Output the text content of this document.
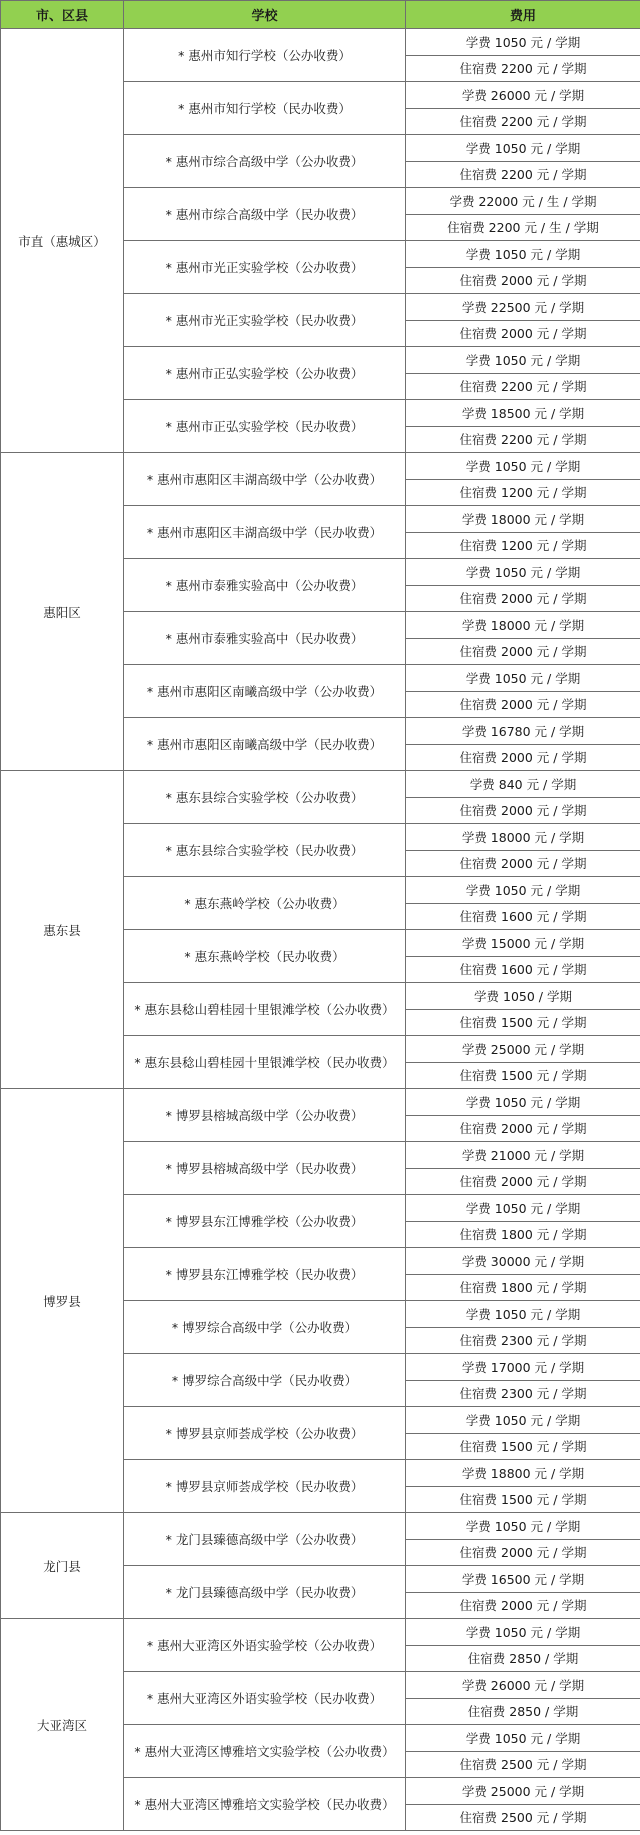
市、区县	学校	费用
市直（惠城区）	* 惠州市知行学校（公办收费）	学费 1050 元 / 学期
		住宿费 2200 元 / 学期
	* 惠州市知行学校（民办收费）	学费 26000 元 / 学期
		住宿费 2200 元 / 学期
	* 惠州市综合高级中学（公办收费）	学费 1050 元 / 学期
		住宿费 2200 元 / 学期
	* 惠州市综合高级中学（民办收费）	学费 22000 元 / 生 / 学期
		住宿费 2200 元 / 生 / 学期
	* 惠州市光正实验学校（公办收费）	学费 1050 元 / 学期
		住宿费 2000 元 / 学期
	* 惠州市光正实验学校（民办收费）	学费 22500 元 / 学期
		住宿费 2000 元 / 学期
	* 惠州市正弘实验学校（公办收费）	学费 1050 元 / 学期
		住宿费 2200 元 / 学期
	* 惠州市正弘实验学校（民办收费）	学费 18500 元 / 学期
		住宿费 2200 元 / 学期
惠阳区	* 惠州市惠阳区丰湖高级中学（公办收费）	学费 1050 元 / 学期
		住宿费 1200 元 / 学期
	* 惠州市惠阳区丰湖高级中学（民办收费）	学费 18000 元 / 学期
		住宿费 1200 元 / 学期
	* 惠州市泰雅实验高中（公办收费）	学费 1050 元 / 学期
		住宿费 2000 元 / 学期
	* 惠州市泰雅实验高中（民办收费）	学费 18000 元 / 学期
		住宿费 2000 元 / 学期
	* 惠州市惠阳区南曦高级中学（公办收费）	学费 1050 元 / 学期
		住宿费 2000 元 / 学期
	* 惠州市惠阳区南曦高级中学（民办收费）	学费 16780 元 / 学期
		住宿费 2000 元 / 学期
惠东县	* 惠东县综合实验学校（公办收费）	学费 840 元 / 学期
		住宿费 2000 元 / 学期
	* 惠东县综合实验学校（民办收费）	学费 18000 元 / 学期
		住宿费 2000 元 / 学期
	* 惠东燕岭学校（公办收费）	学费 1050 元 / 学期
		住宿费 1600 元 / 学期
	* 惠东燕岭学校（民办收费）	学费 15000 元 / 学期
		住宿费 1600 元 / 学期
	* 惠东县稔山碧桂园十里银滩学校（公办收费）	学费 1050 / 学期
		住宿费 1500 元 / 学期
	* 惠东县稔山碧桂园十里银滩学校（民办收费）	学费 25000 元 / 学期
		住宿费 1500 元 / 学期
博罗县	* 博罗县榕城高级中学（公办收费）	学费 1050 元 / 学期
		住宿费 2000 元 / 学期
	* 博罗县榕城高级中学（民办收费）	学费 21000 元 / 学期
		住宿费 2000 元 / 学期
	* 博罗县东江博雅学校（公办收费）	学费 1050 元 / 学期
		住宿费 1800 元 / 学期
	* 博罗县东江博雅学校（民办收费）	学费 30000 元 / 学期
		住宿费 1800 元 / 学期
	* 博罗综合高级中学（公办收费）	学费 1050 元 / 学期
		住宿费 2300 元 / 学期
	* 博罗综合高级中学（民办收费）	学费 17000 元 / 学期
		住宿费 2300 元 / 学期
	* 博罗县京师荟成学校（公办收费）	学费 1050 元 / 学期
		住宿费 1500 元 / 学期
	* 博罗县京师荟成学校（民办收费）	学费 18800 元 / 学期
		住宿费 1500 元 / 学期
龙门县	* 龙门县臻德高级中学（公办收费）	学费 1050 元 / 学期
		住宿费 2000 元 / 学期
	* 龙门县臻德高级中学（民办收费）	学费 16500 元 / 学期
		住宿费 2000 元 / 学期
大亚湾区	* 惠州大亚湾区外语实验学校（公办收费）	学费 1050 元 / 学期
		住宿费 2850 / 学期
	* 惠州大亚湾区外语实验学校（民办收费）	学费 26000 元 / 学期
		住宿费 2850 / 学期
	* 惠州大亚湾区博雅培文实验学校（公办收费）	学费 1050 元 / 学期
		住宿费 2500 元 / 学期
	* 惠州大亚湾区博雅培文实验学校（民办收费）	学费 25000 元 / 学期
		住宿费 2500 元 / 学期
